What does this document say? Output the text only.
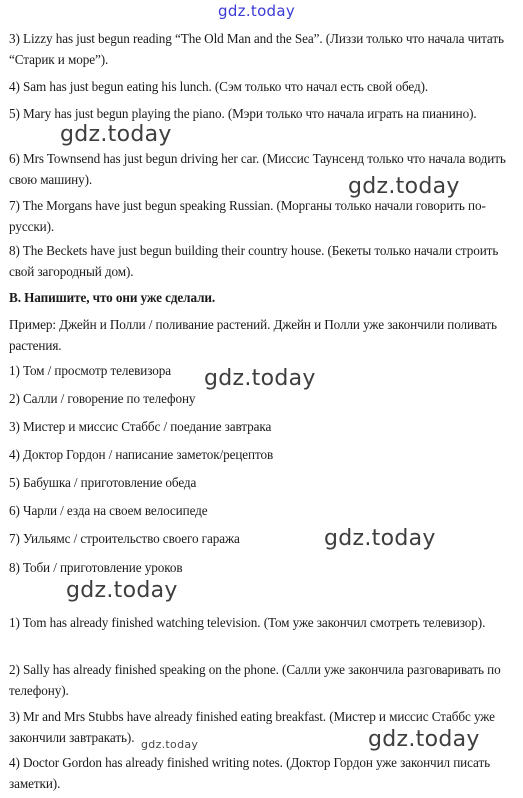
3) Lizzy has just begun reading “The Old Man and the Sea”. (Лиззи только что начала читать “Старик и море”).
4) Sam has just begun eating his lunch. (Сэм только что начал есть свой обед).
5) Mary has just begun playing the piano. (Мэри только что начала играть на пианино).
6) Mrs Townsend has just begun driving her car. (Миссис Таунсенд только что начала водить свою машину).
7) The Morgans have just begun speaking Russian. (Морганы только начали говорить по-русски).
8) The Beckets have just begun building their country house. (Бекеты только начали строить свой загородный дом).
B. Напишите, что они уже сделали.
Пример: Джейн и Полли / поливание растений. Джейн и Полли уже закончили поливать растения.
1) Том / просмотр телевизора
2) Салли / говорение по телефону
3) Мистер и миссис Стаббс / поедание завтрака
4) Доктор Гордон / написание заметок/рецептов
5) Бабушка / приготовление обеда
6) Чарли / езда на своем велосипеде
7) Уильямс / строительство своего гаража
8) Тоби / приготовление уроков
1) Tom has already finished watching television. (Том уже закончил смотреть телевизор).
2) Sally has already finished speaking on the phone. (Салли уже закончила разговаривать по телефону).
3) Mr and Mrs Stubbs have already finished eating breakfast. (Мистер и миссис Стаббс уже закончили завтракать).
4) Doctor Gordon has already finished writing notes. (Доктор Гордон уже закончил писать заметки).
gdz.today
gdz.today
gdz.today
gdz.today
gdz.today
gdz.today
gdz.today	gdz.today
